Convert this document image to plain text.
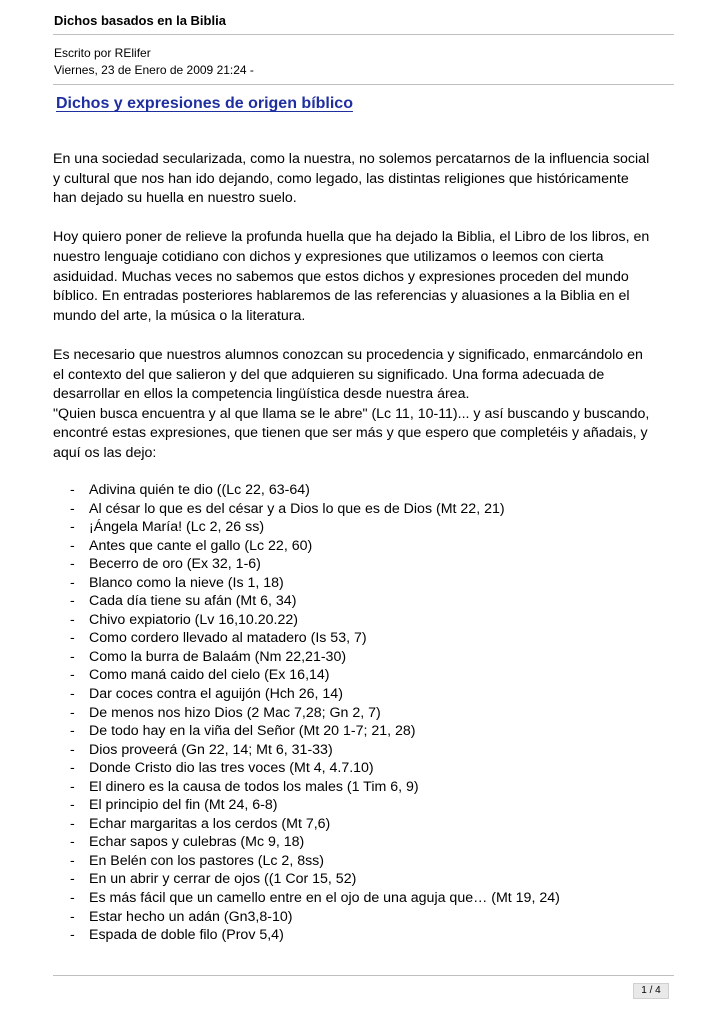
Dichos basados en la Biblia
Escrito por RElifer
Viernes, 23 de Enero de 2009 21:24 -
Dichos y expresiones de origen bíblico

En una sociedad secularizada, como la nuestra, no solemos percatarnos de la influencia social
y cultural que nos han ido dejando, como legado, las distintas religiones que históricamente
han dejado su huella en nuestro suelo.

Hoy quiero poner de relieve la profunda huella que ha dejado la Biblia, el Libro de los libros, en
nuestro lenguaje cotidiano con dichos y expresiones que utilizamos o leemos con cierta
asiduidad. Muchas veces no sabemos que estos dichos y expresiones proceden del mundo
bíblico. En entradas posteriores hablaremos de las referencias y aluasiones a la Biblia en el
mundo del arte, la música o la literatura.

Es necesario que nuestros alumnos conozcan su procedencia y significado, enmarcándolo en
el contexto del que salieron y del que adquieren su significado. Una forma adecuada de
desarrollar en ellos la competencia lingüística desde nuestra área.
"Quien busca encuentra y al que llama se le abre" (Lc 11, 10-11)... y así buscando y buscando,
encontré estas expresiones, que tienen que ser más y que espero que completéis y añadais, y
aquí os las dejo:

-	Adivina quién te dio ((Lc 22, 63-64)
-	Al césar lo que es del césar y a Dios lo que es de Dios (Mt 22, 21)
-	¡Ángela María! (Lc 2, 26 ss)
-	Antes que cante el gallo (Lc 22, 60)
-	Becerro de oro (Ex 32, 1-6)
-	Blanco como la nieve (Is 1, 18)
-	Cada día tiene su afán (Mt 6, 34)
-	Chivo expiatorio (Lv 16,10.20.22)
-	Como cordero llevado al matadero (Is 53, 7)
-	Como la burra de Balaám (Nm 22,21-30)
-	Como maná caido del cielo (Ex 16,14)
-	Dar coces contra el aguijón (Hch 26, 14)
-	De menos nos hizo Dios (2 Mac 7,28; Gn 2, 7)
-	De todo hay en la viña del Señor (Mt 20 1-7; 21, 28)
-	Dios proveerá (Gn 22, 14; Mt 6, 31-33)
-	Donde Cristo dio las tres voces (Mt 4, 4.7.10)
-	El dinero es la causa de todos los males (1 Tim 6, 9)
-	El principio del fin (Mt 24, 6-8)
-	Echar margaritas a los cerdos (Mt 7,6)
-	Echar sapos y culebras (Mc 9, 18)
-	En Belén con los pastores (Lc 2, 8ss)
-	En un abrir y cerrar de ojos ((1 Cor 15, 52)
-	Es más fácil que un camello entre en el ojo de una aguja que… (Mt 19, 24)
-	Estar hecho un adán (Gn3,8-10)
-	Espada de doble filo (Prov 5,4)
1 / 4
